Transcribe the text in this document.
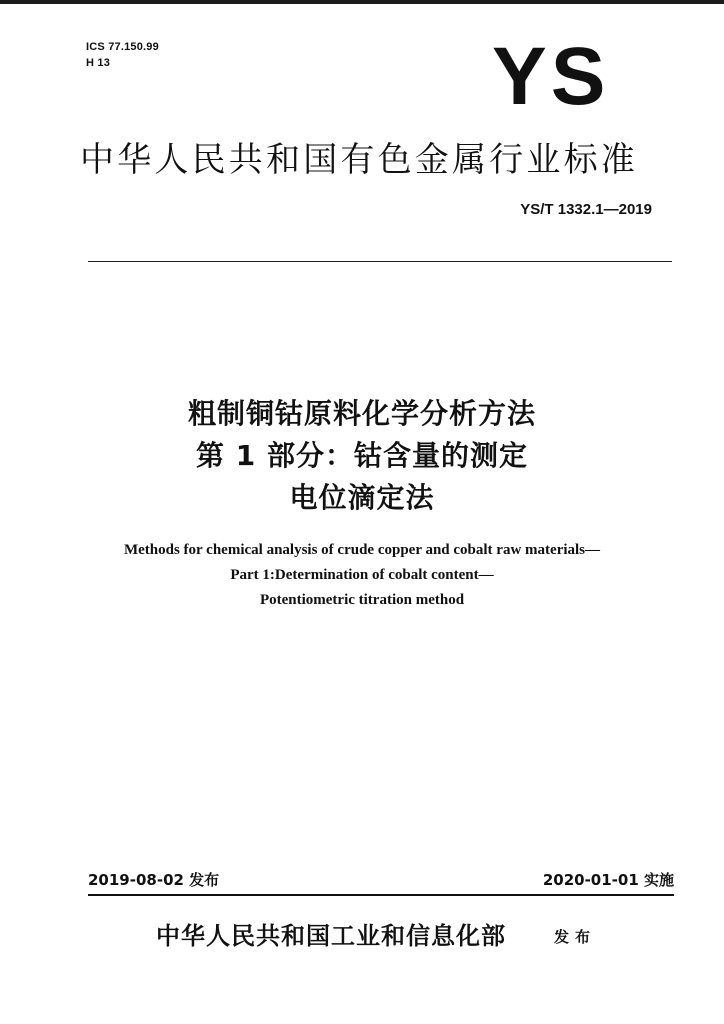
ICS 77.150.99
H 13	YS
中华人民共和国有色金属行业标准
YS/T 1332.1—2019
粗制铜钴原料化学分析方法
第 1 部分：钴含量的测定
电位滴定法
Methods for chemical analysis of crude copper and cobalt raw materials—
Part 1:Determination of cobalt content—
Potentiometric titration method
2019-08-02 发布	2020-01-01 实施
中华人民共和国工业和信息化部	发布
